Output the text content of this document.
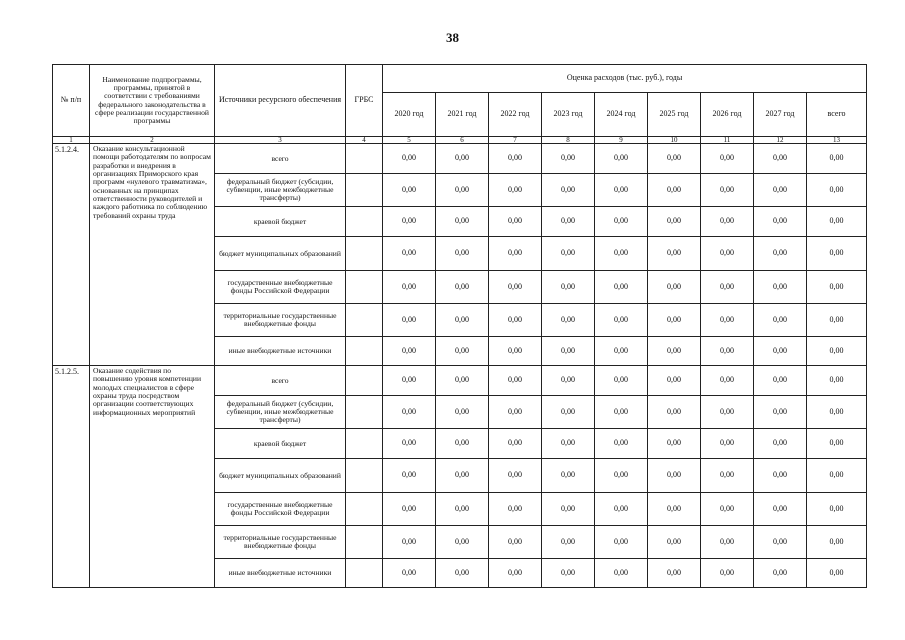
38
№ п/п	Наименование подпрограммы, программы, принятой в соответствии с требованиями федерального законодательства в сфере реализации государственной программы	Источники ресурсного обеспечения	ГРБС	Оценка расходов (тыс. руб.), годы								
				2020 год	2021 год	2022 год	2023 год	2024 год	2025 год	2026 год	2027 год	всего
1	2	3	4	5	6	7	8	9	10	11	12	13
5.1.2.4.	Оказание консультационной помощи работодателям по вопросам разработки и внедрения в организациях Приморского края программ «нулевого травматизма», основанных на принципах ответственности руководителей и каждого работника по соблюдению требований охраны труда	всего		0,00	0,00	0,00	0,00	0,00	0,00	0,00	0,00	0,00
		федеральный бюджет (субсидии, субвенции, иные межбюджетные трансферты)		0,00	0,00	0,00	0,00	0,00	0,00	0,00	0,00	0,00
		краевой бюджет		0,00	0,00	0,00	0,00	0,00	0,00	0,00	0,00	0,00
		бюджет муниципальных образований		0,00	0,00	0,00	0,00	0,00	0,00	0,00	0,00	0,00
		государственные внебюджетные фонды Российской Федерации		0,00	0,00	0,00	0,00	0,00	0,00	0,00	0,00	0,00
		территориальные государственные внебюджетные фонды		0,00	0,00	0,00	0,00	0,00	0,00	0,00	0,00	0,00
		иные внебюджетные источники		0,00	0,00	0,00	0,00	0,00	0,00	0,00	0,00	0,00
5.1.2.5.	Оказание содействия по повышению уровня компетенции молодых специалистов в сфере охраны труда посредством организации соответствующих информационных мероприятий	всего		0,00	0,00	0,00	0,00	0,00	0,00	0,00	0,00	0,00
		федеральный бюджет (субсидии, субвенции, иные межбюджетные трансферты)		0,00	0,00	0,00	0,00	0,00	0,00	0,00	0,00	0,00
		краевой бюджет		0,00	0,00	0,00	0,00	0,00	0,00	0,00	0,00	0,00
		бюджет муниципальных образований		0,00	0,00	0,00	0,00	0,00	0,00	0,00	0,00	0,00
		государственные внебюджетные фонды Российской Федерации		0,00	0,00	0,00	0,00	0,00	0,00	0,00	0,00	0,00
		территориальные государственные внебюджетные фонды		0,00	0,00	0,00	0,00	0,00	0,00	0,00	0,00	0,00
		иные внебюджетные источники		0,00	0,00	0,00	0,00	0,00	0,00	0,00	0,00	0,00
